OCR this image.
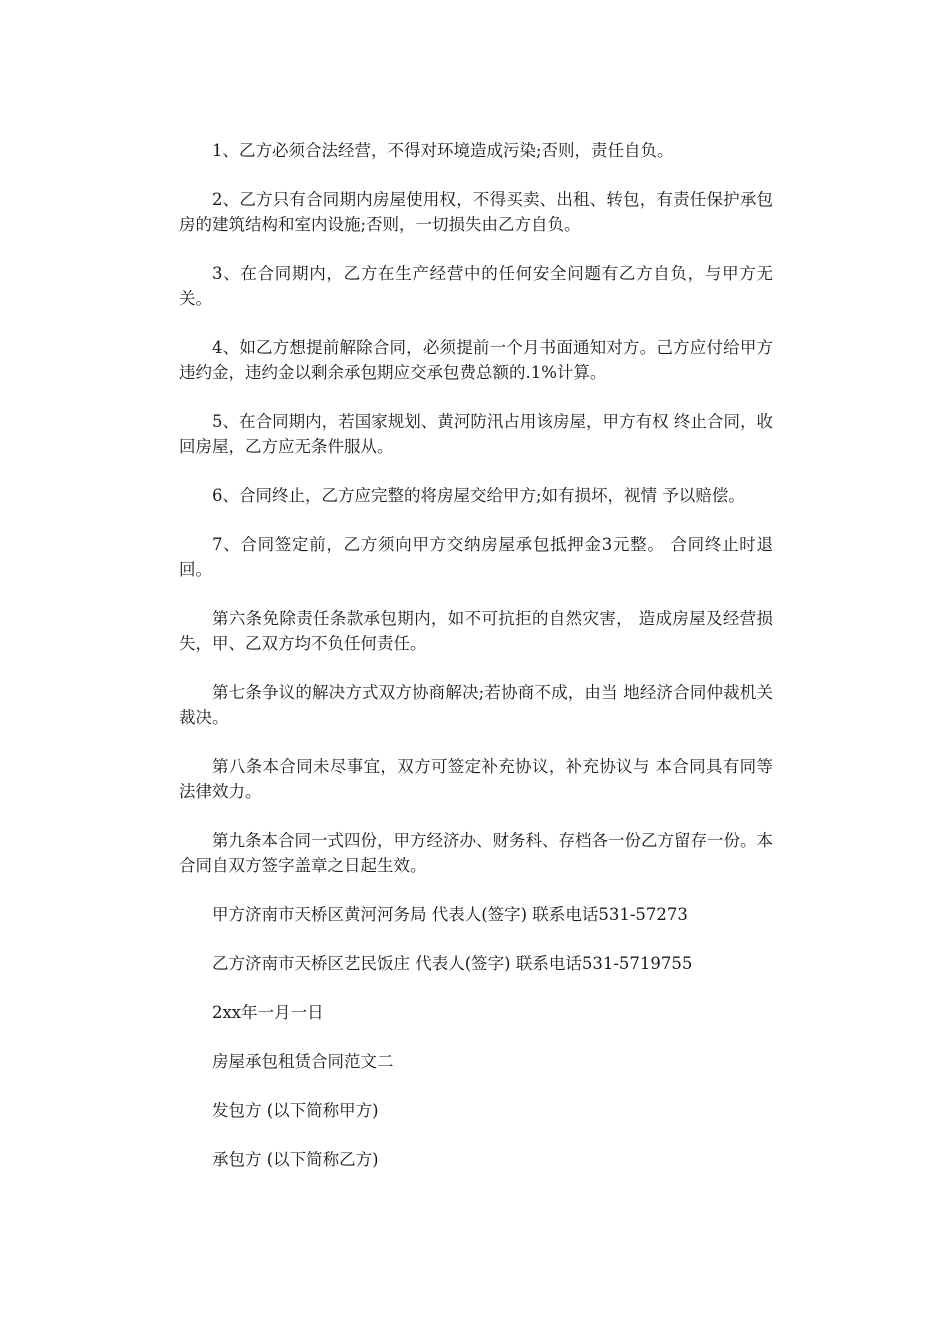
1、乙方必须合法经营，不得对环境造成污染;否则，责任自负。

2、乙方只有合同期内房屋使用权，不得买卖、出租、转包，有责任保护承包房的建筑结构和室内设施;否则，一切损失由乙方自负。

3、在合同期内，乙方在生产经营中的任何安全问题有乙方自负，与甲方无关。

4、如乙方想提前解除合同，必须提前一个月书面通知对方。己方应付给甲方违约金，违约金以剩余承包期应交承包费总额的.1%计算。

5、在合同期内，若国家规划、黄河防汛占用该房屋，甲方有权 终止合同，收回房屋，乙方应无条件服从。

6、合同终止，乙方应完整的将房屋交给甲方;如有损坏，视情 予以赔偿。

7、合同签定前，乙方须向甲方交纳房屋承包抵押金3元整。 合同终止时退回。

第六条免除责任条款承包期内，如不可抗拒的自然灾害， 造成房屋及经营损失，甲、乙双方均不负任何责任。

第七条争议的解决方式双方协商解决;若协商不成，由当 地经济合同仲裁机关裁决。

第八条本合同未尽事宜，双方可签定补充协议，补充协议与 本合同具有同等法律效力。

第九条本合同一式四份，甲方经济办、财务科、存档各一份乙方留存一份。本合同自双方签字盖章之日起生效。

甲方济南市天桥区黄河河务局 代表人(签字) 联系电话531-57273

乙方济南市天桥区艺民饭庄 代表人(签字) 联系电话531-5719755

2xx年一月一日

房屋承包租赁合同范文二

发包方 (以下简称甲方)

承包方 (以下简称乙方)
